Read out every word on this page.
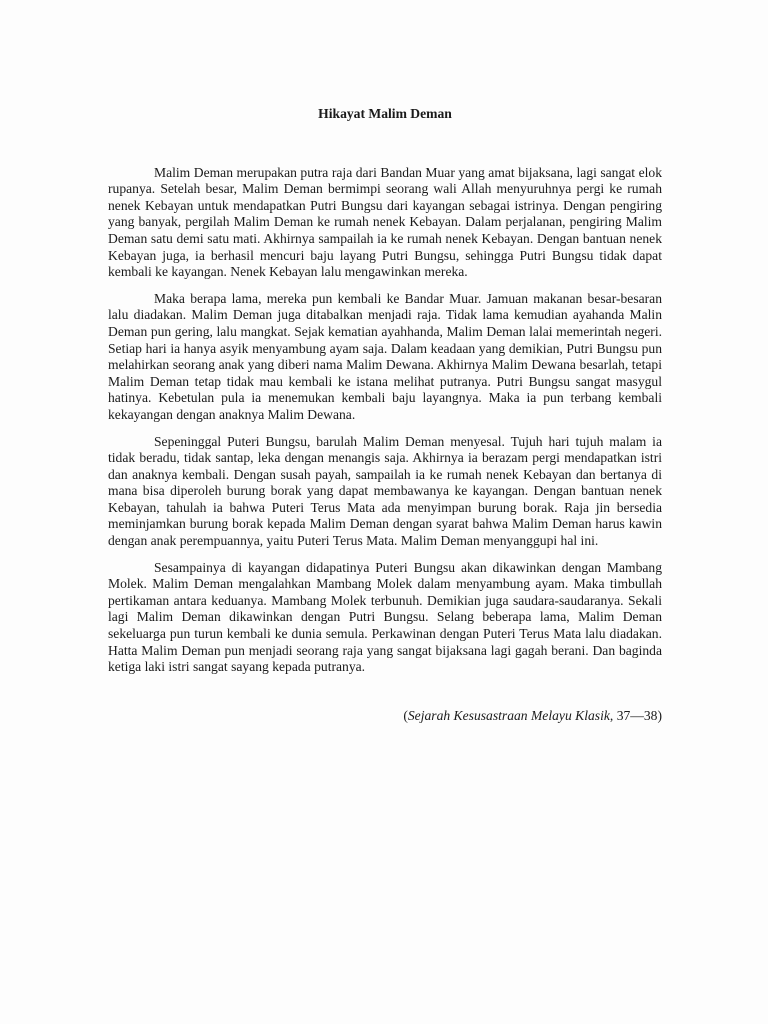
Hikayat Malim Deman

Malim Deman merupakan putra raja dari Bandan Muar yang amat bijaksana, lagi sangat elok rupanya. Setelah besar, Malim Deman bermimpi seorang wali Allah menyuruhnya pergi ke rumah nenek Kebayan untuk mendapatkan Putri Bungsu dari kayangan sebagai istrinya. Dengan pengiring yang banyak, pergilah Malim Deman ke rumah nenek Kebayan. Dalam perjalanan, pengiring Malim Deman satu demi satu mati. Akhirnya sampailah ia ke rumah nenek Kebayan. Dengan bantuan nenek Kebayan juga, ia berhasil mencuri baju layang Putri Bungsu, sehingga Putri Bungsu tidak dapat kembali ke kayangan. Nenek Kebayan lalu mengawinkan mereka.

Maka berapa lama, mereka pun kembali ke Bandar Muar. Jamuan makanan besar-besaran lalu diadakan. Malim Deman juga ditabalkan menjadi raja. Tidak lama kemudian ayahanda Malin Deman pun gering, lalu mangkat. Sejak kematian ayahhanda, Malim Deman lalai memerintah negeri. Setiap hari ia hanya asyik menyambung ayam saja. Dalam keadaan yang demikian, Putri Bungsu pun melahirkan seorang anak yang diberi nama Malim Dewana. Akhirnya Malim Dewana besarlah, tetapi Malim Deman tetap tidak mau kembali ke istana melihat putranya. Putri Bungsu sangat masygul hatinya. Kebetulan pula ia menemukan kembali baju layangnya. Maka ia pun terbang kembali kekayangan dengan anaknya Malim Dewana.

Sepeninggal Puteri Bungsu, barulah Malim Deman menyesal. Tujuh hari tujuh malam ia tidak beradu, tidak santap, leka dengan menangis saja. Akhirnya ia berazam pergi mendapatkan istri dan anaknya kembali. Dengan susah payah, sampailah ia ke rumah nenek Kebayan dan bertanya di mana bisa diperoleh burung borak yang dapat membawanya ke kayangan. Dengan bantuan nenek Kebayan, tahulah ia bahwa Puteri Terus Mata ada menyimpan burung borak. Raja jin bersedia meminjamkan burung borak kepada Malim Deman dengan syarat bahwa Malim Deman harus kawin dengan anak perempuannya, yaitu Puteri Terus Mata. Malim Deman menyanggupi hal ini.

Sesampainya di kayangan didapatinya Puteri Bungsu akan dikawinkan dengan Mambang Molek. Malim Deman mengalahkan Mambang Molek dalam menyambung ayam. Maka timbullah pertikaman antara keduanya. Mambang Molek terbunuh. Demikian juga saudara-saudaranya. Sekali lagi Malim Deman dikawinkan dengan Putri Bungsu. Selang beberapa lama, Malim Deman sekeluarga pun turun kembali ke dunia semula. Perkawinan dengan Puteri Terus Mata lalu diadakan. Hatta Malim Deman pun menjadi seorang raja yang sangat bijaksana lagi gagah berani. Dan baginda ketiga laki istri sangat sayang kepada putranya.

(Sejarah Kesusastraan Melayu Klasik, 37—38)
